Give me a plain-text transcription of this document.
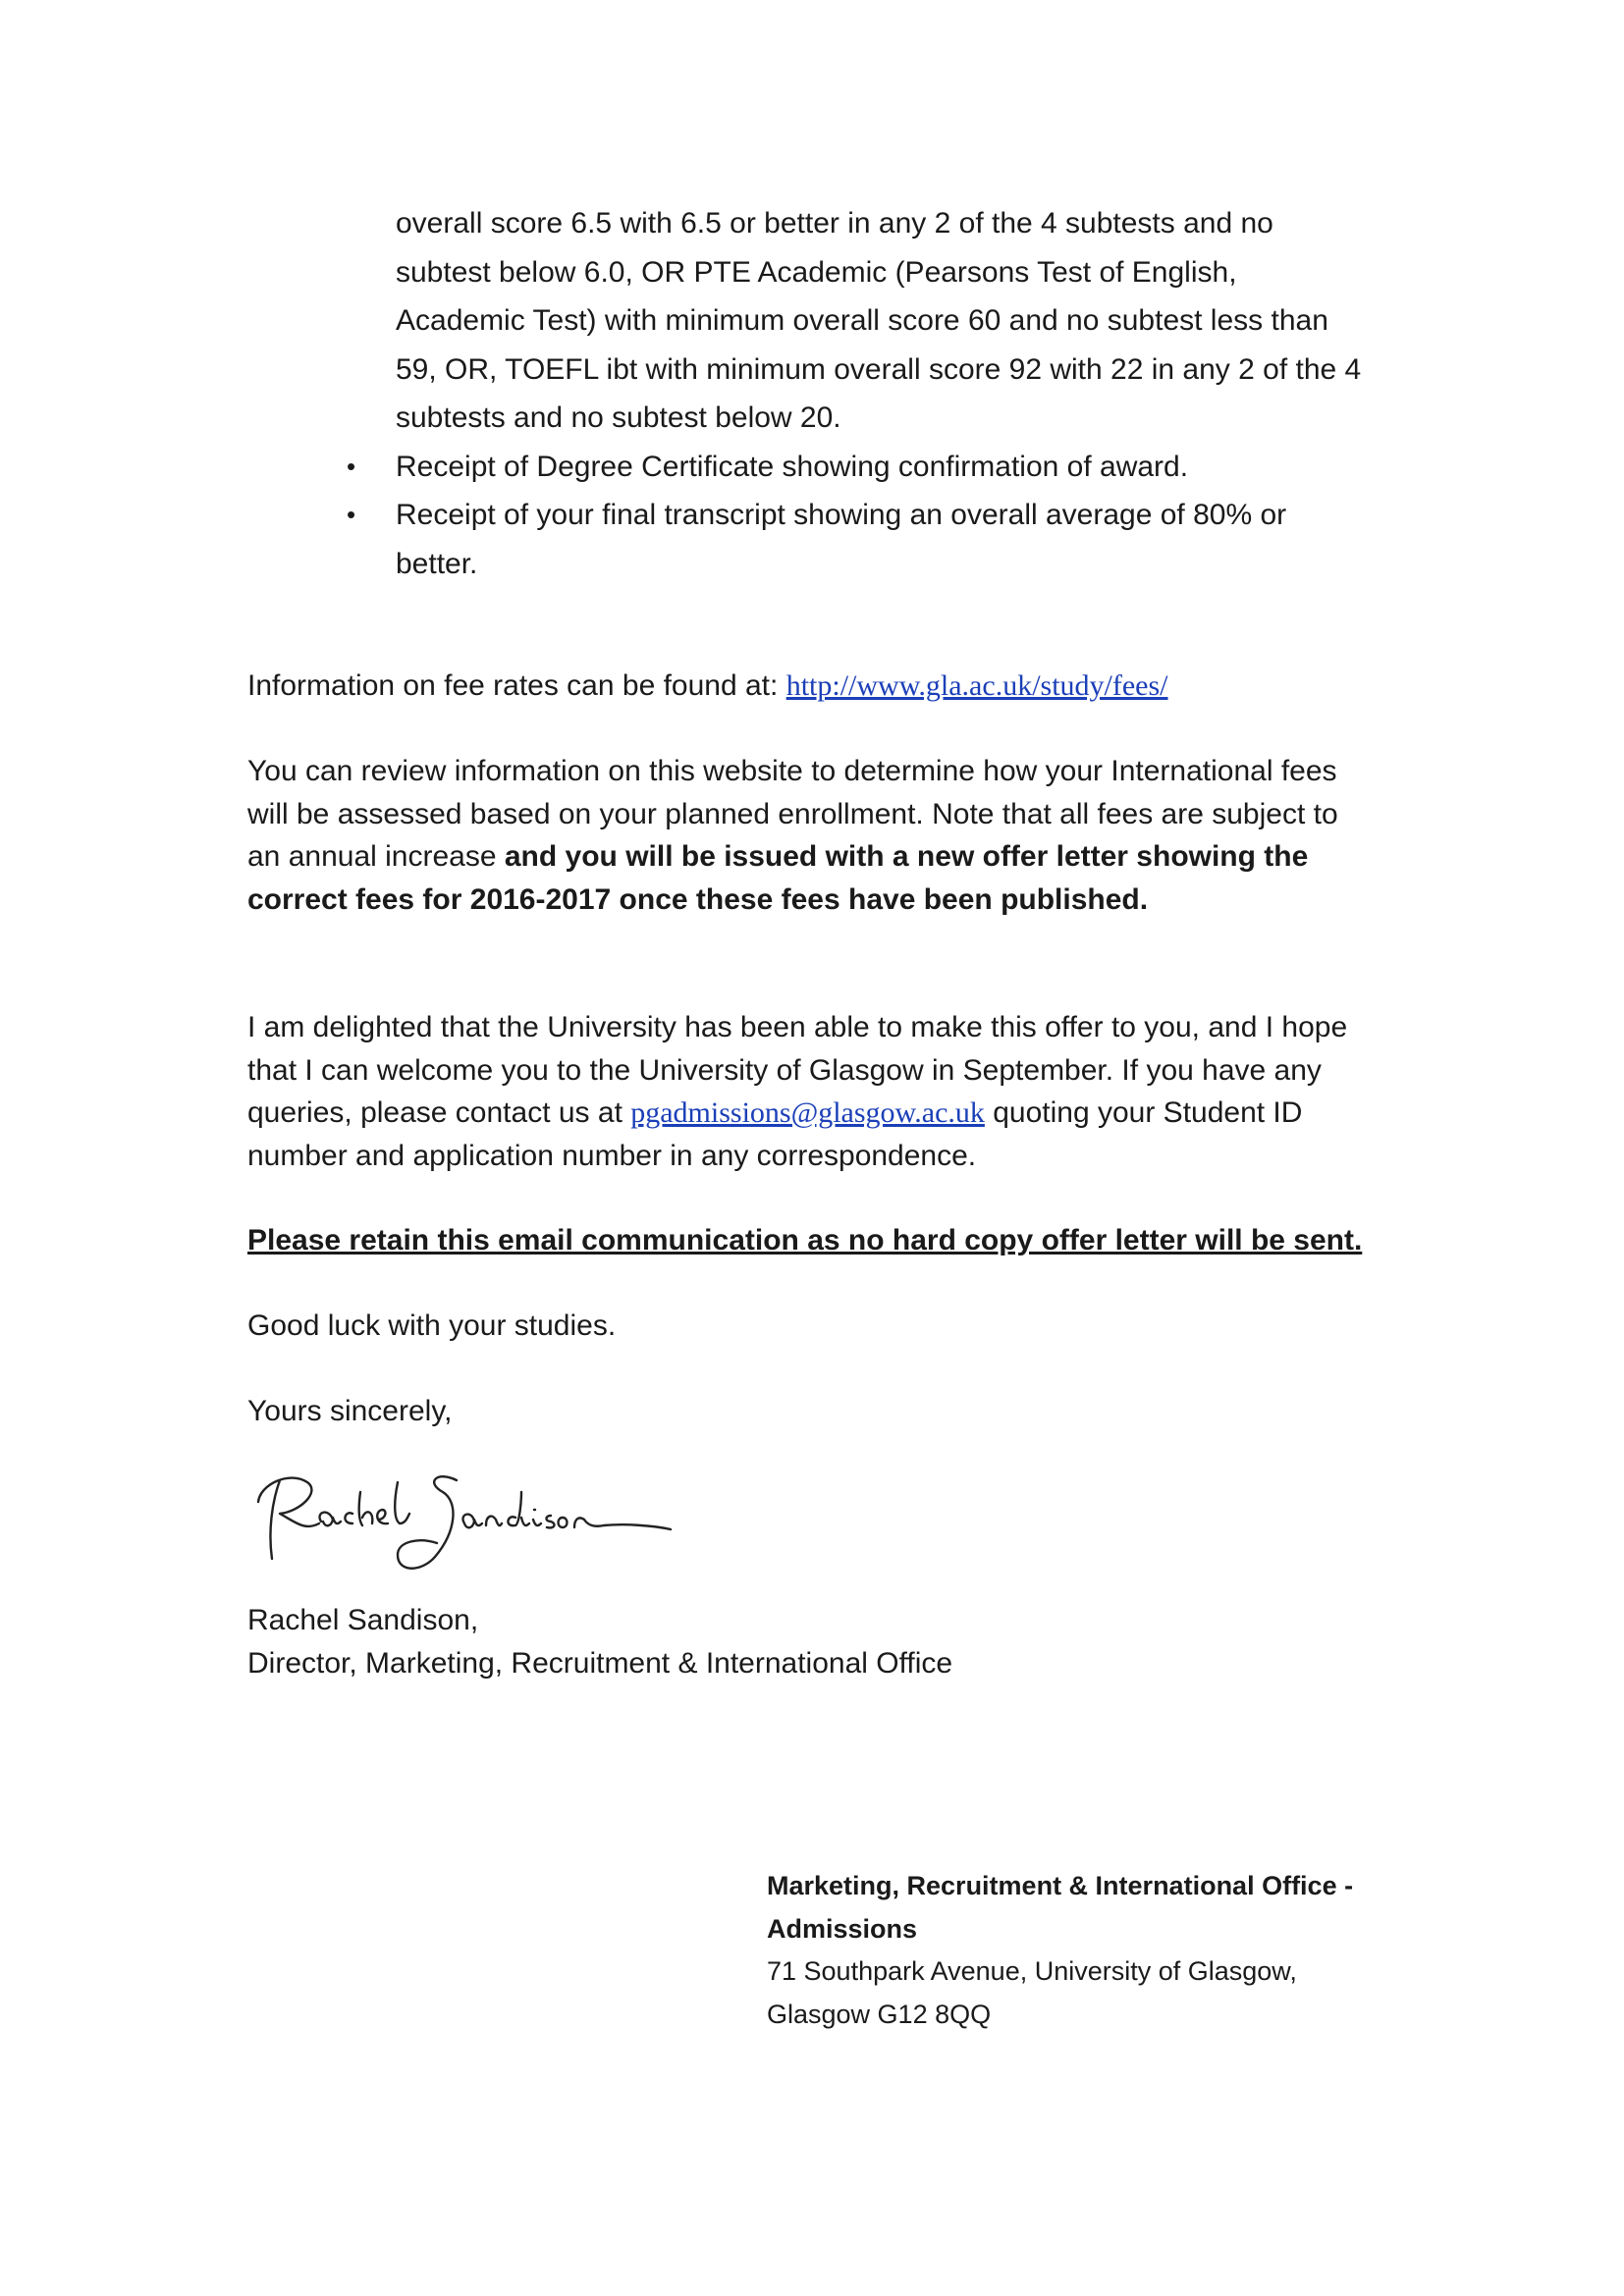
overall score 6.5 with 6.5 or better in any 2 of the 4 subtests and no
subtest below 6.0, OR PTE Academic (Pearsons Test of English,
Academic Test) with minimum overall score 60 and no subtest less than
59, OR, TOEFL ibt with minimum overall score 92 with 22 in any 2 of the 4
subtests and no subtest below 20.
• Receipt of Degree Certificate showing confirmation of award.
• Receipt of your final transcript showing an overall average of 80% or
better.
Information on fee rates can be found at: http://www.gla.ac.uk/study/fees/
You can review information on this website to determine how your International fees
will be assessed based on your planned enrollment. Note that all fees are subject to
an annual increase and you will be issued with a new offer letter showing the
correct fees for 2016-2017 once these fees have been published.
I am delighted that the University has been able to make this offer to you, and I hope
that I can welcome you to the University of Glasgow in September. If you have any
queries, please contact us at pgadmissions@glasgow.ac.uk quoting your Student ID
number and application number in any correspondence.
Please retain this email communication as no hard copy offer letter will be sent.
Good luck with your studies.
Yours sincerely,
Rachel Sandison,
Director, Marketing, Recruitment & International Office
Marketing, Recruitment & International Office -
Admissions
71 Southpark Avenue, University of Glasgow,
Glasgow G12 8QQ
